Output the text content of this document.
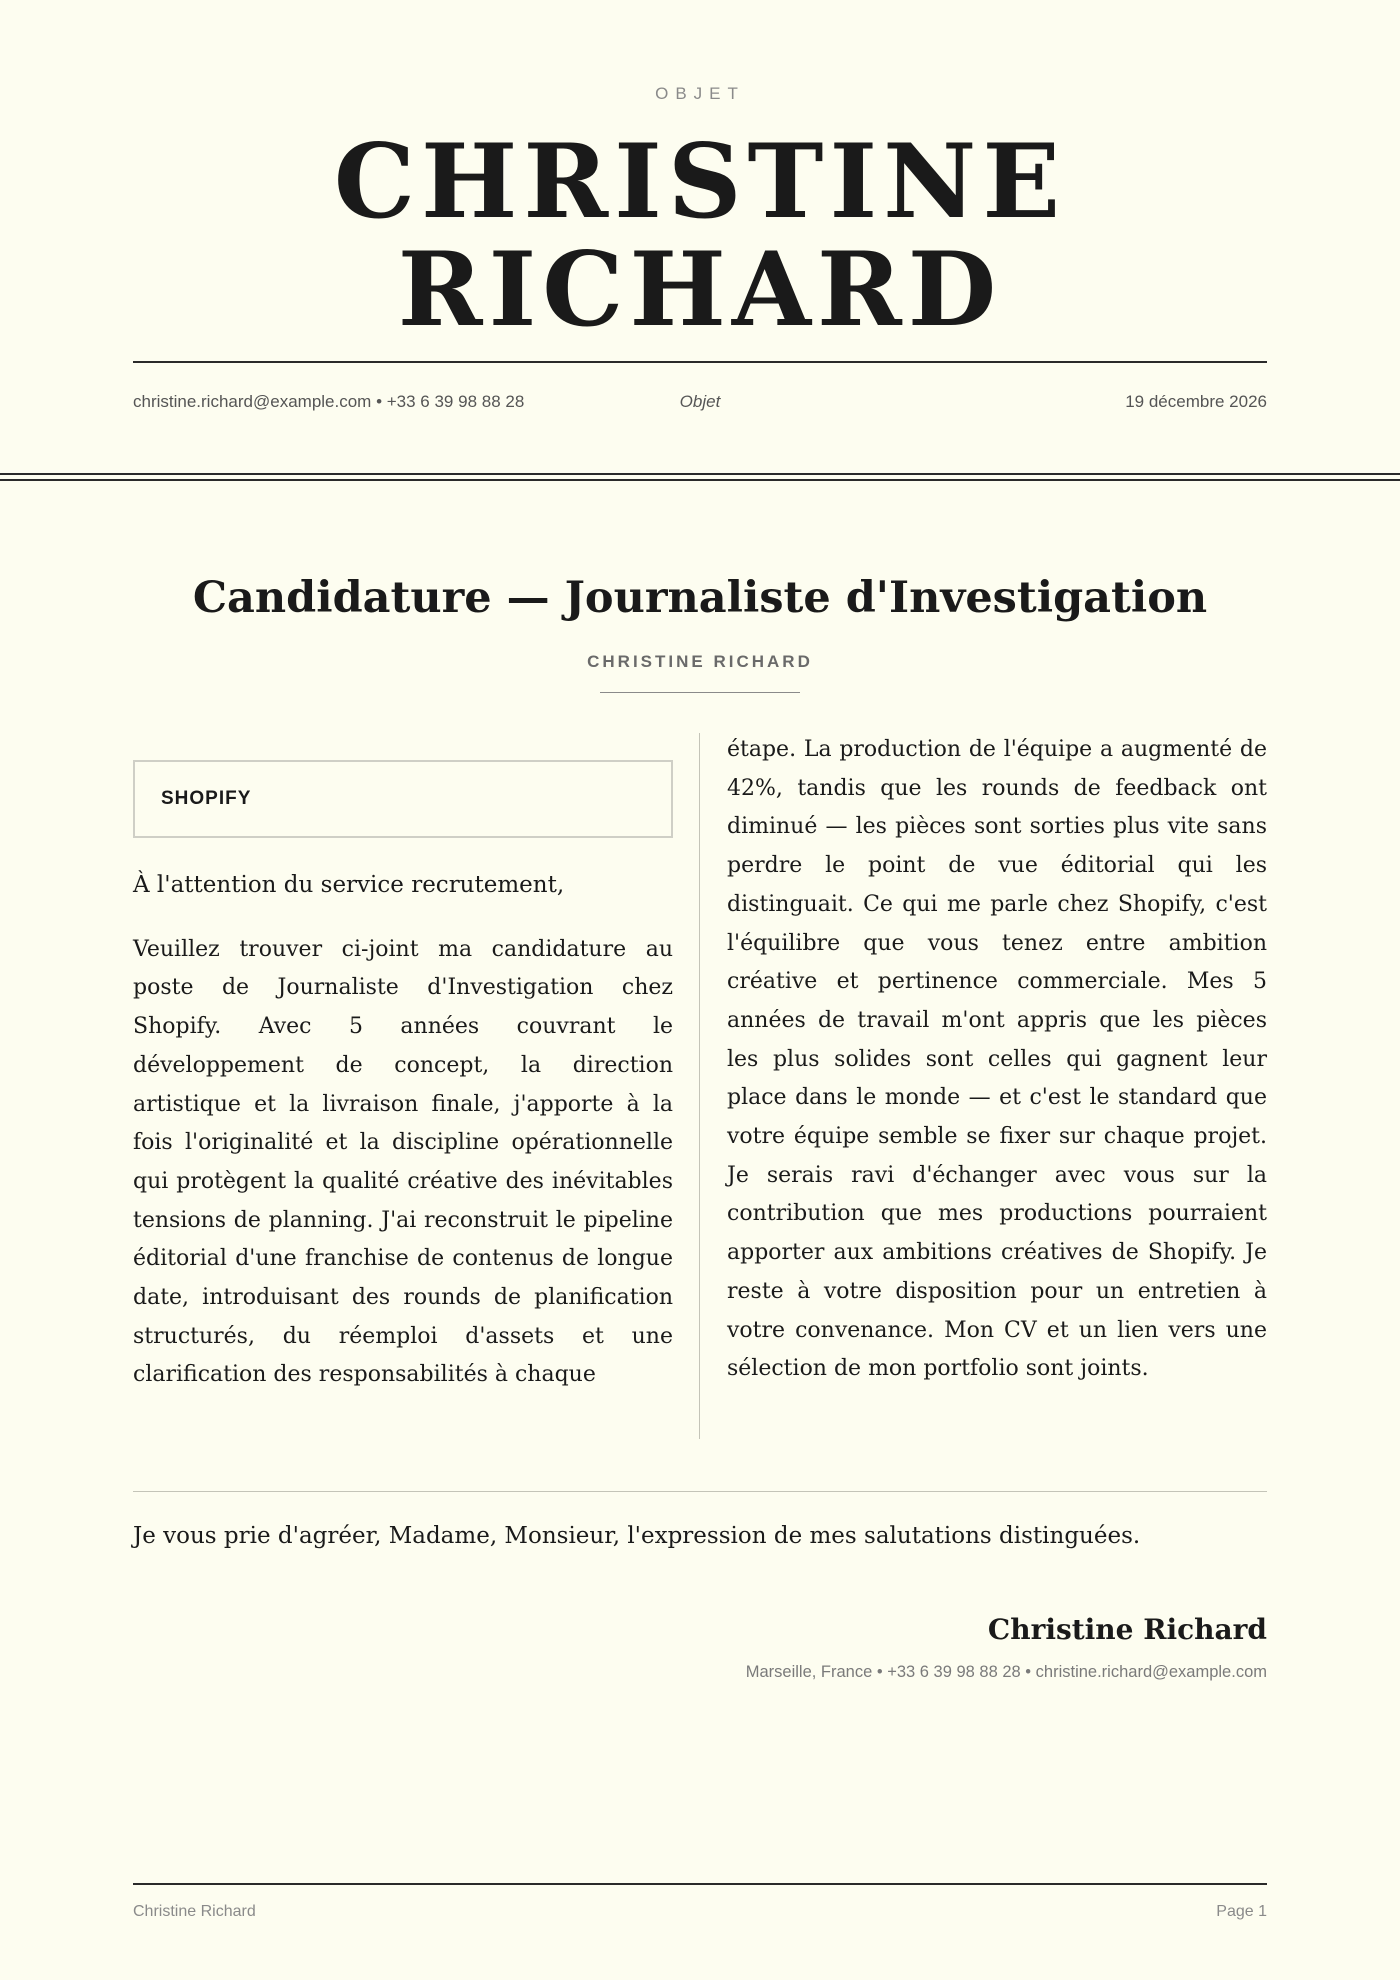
OBJET
CHRISTINE
RICHARD
christine.richard@example.com • +33 6 39 98 88 28	Objet	19 décembre 2026
Candidature — Journaliste d'Investigation
CHRISTINE RICHARD
SHOPIFY
À l'attention du service recrutement,

Veuillez trouver ci-joint ma candidature au poste de Journaliste d'Investigation chez Shopify. Avec 5 années couvrant le développement de concept, la direction artistique et la livraison finale, j'apporte à la fois l'originalité et la discipline opérationnelle qui protègent la qualité créative des inévitables tensions de planning. J'ai reconstruit le pipeline éditorial d'une franchise de contenus de longue date, introduisant des rounds de planification structurés, du réemploi d'assets et une clarification des responsabilités à chaque

étape. La production de l'équipe a augmenté de 42%, tandis que les rounds de feedback ont diminué — les pièces sont sorties plus vite sans perdre le point de vue éditorial qui les distinguait. Ce qui me parle chez Shopify, c'est l'équilibre que vous tenez entre ambition créative et pertinence commerciale. Mes 5 années de travail m'ont appris que les pièces les plus solides sont celles qui gagnent leur place dans le monde — et c'est le standard que votre équipe semble se fixer sur chaque projet. Je serais ravi d'échanger avec vous sur la contribution que mes productions pourraient apporter aux ambitions créatives de Shopify. Je reste à votre disposition pour un entretien à votre convenance. Mon CV et un lien vers une sélection de mon portfolio sont joints.

Je vous prie d'agréer, Madame, Monsieur, l'expression de mes salutations distinguées.
Christine Richard
Marseille, France • +33 6 39 98 88 28 • christine.richard@example.com
Christine Richard	Page 1
